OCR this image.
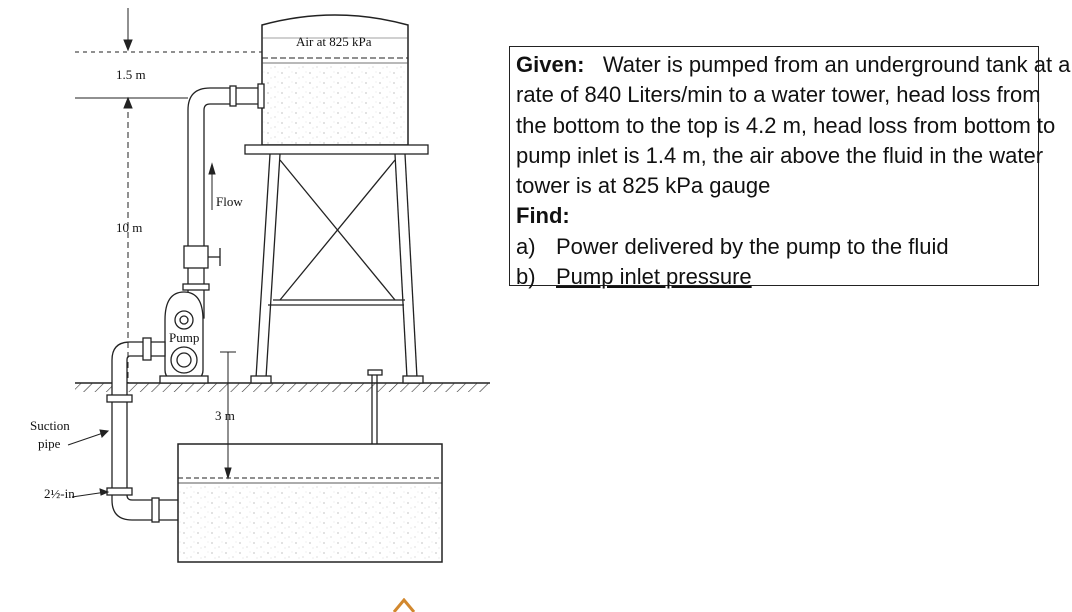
Air at 825 kPa
1.5 m
10 m
Flow
Pump
3 m
Suction
pipe
2½-in
Given: Water is pumped from an underground tank at a
rate of 840 Liters/min to a water tower, head loss from
the bottom to the top is 4.2 m, head loss from bottom to
pump inlet is 1.4 m, the air above the fluid in the water
tower is at 825 kPa gauge
Find:
a) Power delivered by the pump to the fluid
b) Pump inlet pressure
